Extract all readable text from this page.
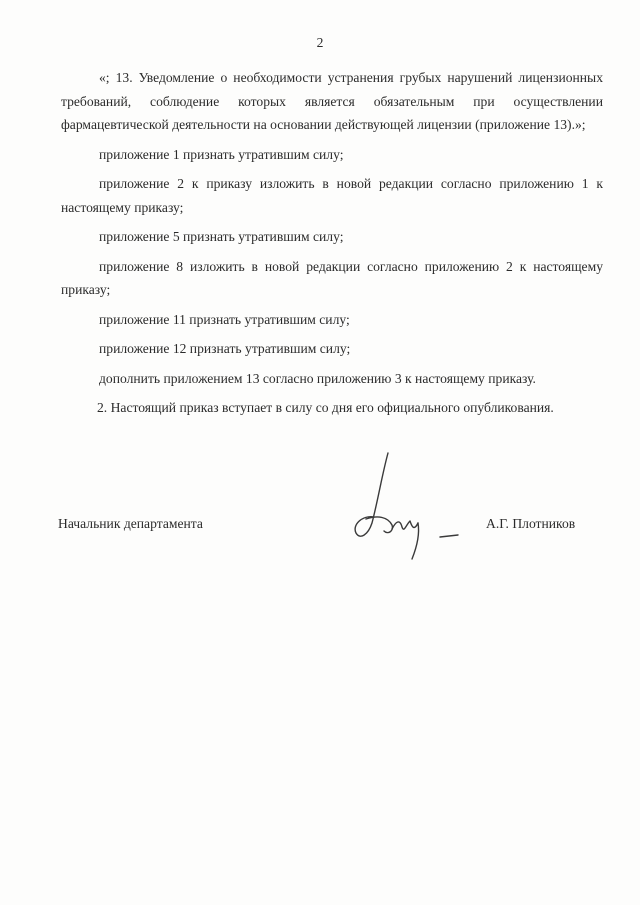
2

«; 13. Уведомление о необходимости устранения грубых нарушений лицензионных требований, соблюдение которых является обязательным при осуществлении фармацевтической деятельности на основании действующей лицензии (приложение 13).»;

приложение 1 признать утратившим силу;

приложение 2 к приказу изложить в новой редакции согласно приложению 1 к настоящему приказу;

приложение 5 признать утратившим силу;

приложение 8 изложить в новой редакции согласно приложению 2 к настоящему приказу;

приложение 11 признать утратившим силу;

приложение 12 признать утратившим силу;

дополнить приложением 13 согласно приложению 3 к настоящему приказу.

2. Настоящий приказ вступает в силу со дня его официального опубликования.

Начальник департамента	А.Г. Плотников
